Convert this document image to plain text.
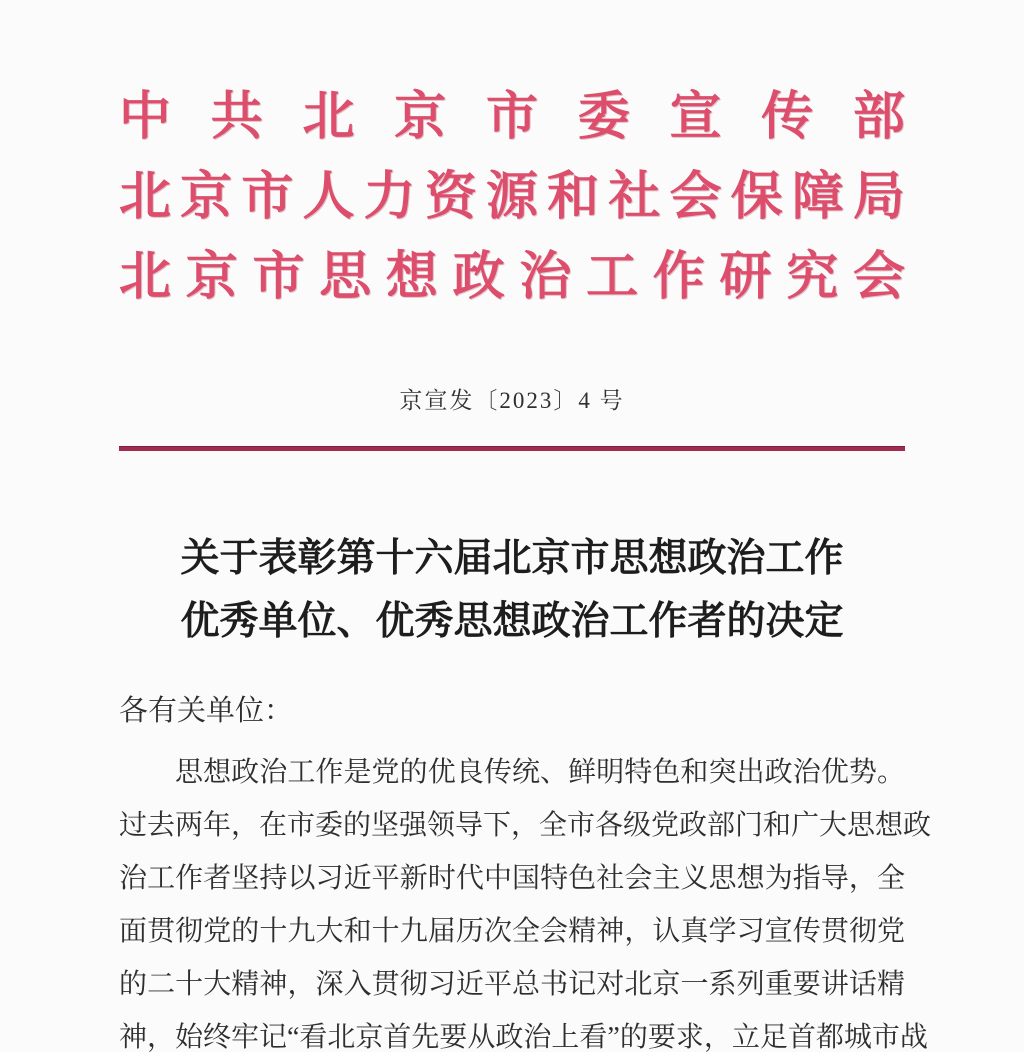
中共北京市委宣传部
北京市人力资源和社会保障局
北京市思想政治工作研究会
京宣发〔2023〕4 号
关于表彰第十六届北京市思想政治工作
优秀单位、优秀思想政治工作者的决定
各有关单位：
思想政治工作是党的优良传统、鲜明特色和突出政治优势。
过去两年，在市委的坚强领导下，全市各级党政部门和广大思想政
治工作者坚持以习近平新时代中国特色社会主义思想为指导，全
面贯彻党的十九大和十九届历次全会精神，认真学习宣传贯彻党
的二十大精神，深入贯彻习近平总书记对北京一系列重要讲话精
神，始终牢记“看北京首先要从政治上看”的要求，立足首都城市战
